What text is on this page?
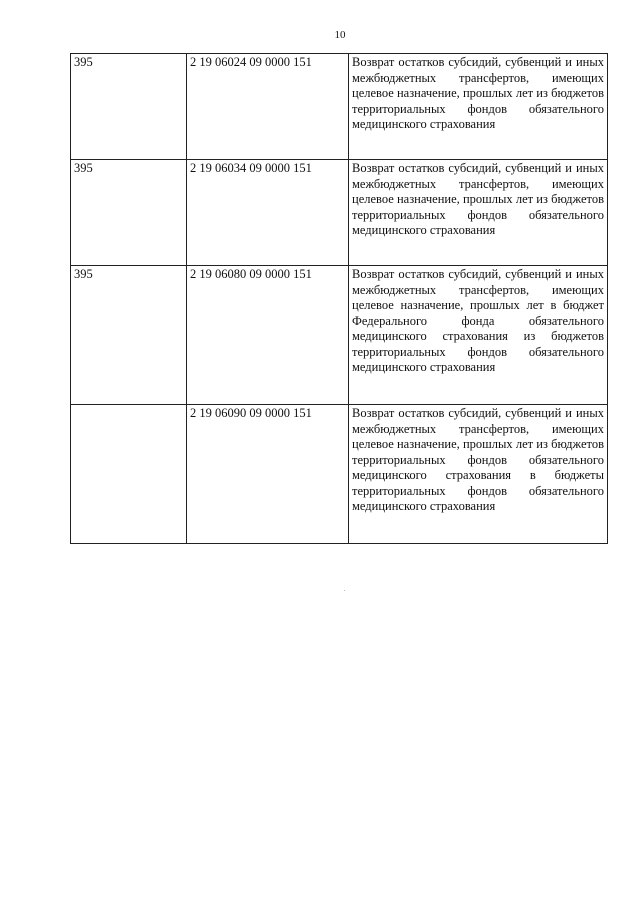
10
395	2 19 06024 09 0000 151	Возврат остатков субсидий, субвенций и иных межбюджетных трансфертов, имеющих целевое назначение, прошлых лет из бюджетов территориальных фондов обязательного медицинского страхования
395	2 19 06034 09 0000 151	Возврат остатков субсидий, субвенций и иных межбюджетных трансфертов, имеющих целевое назначение, прошлых лет из бюджетов территориальных фондов обязательного медицинского страхования
395	2 19 06080 09 0000 151	Возврат остатков субсидий, субвенций и иных межбюджетных трансфертов, имеющих целевое назначение, прошлых лет в бюджет Федерального фонда обязательного медицинского страхования из бюджетов территориальных фондов обязательного медицинского страхования
	2 19 06090 09 0000 151	Возврат остатков субсидий, субвенций и иных межбюджетных трансфертов, имеющих целевое назначение, прошлых лет из бюджетов территориальных фондов обязательного медицинского страхования в бюджеты территориальных фондов обязательного медицинского страхования
